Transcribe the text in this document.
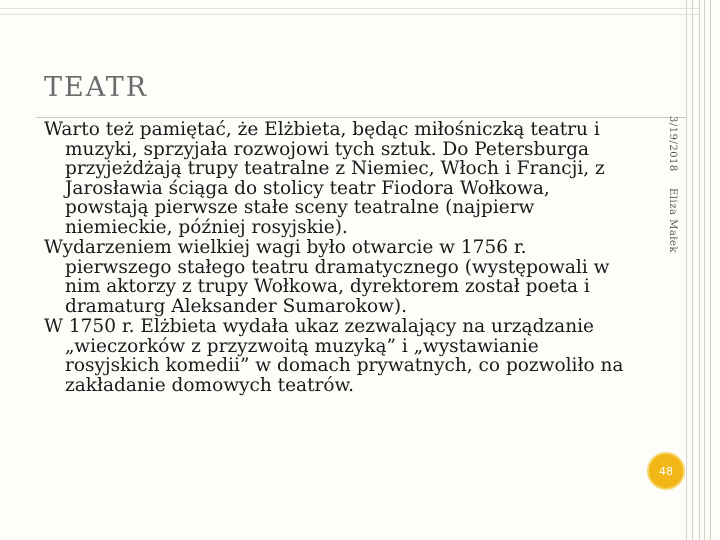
TEATR
Warto też pamiętać, że Elżbieta, będąc miłośniczką teatru i muzyki, sprzyjała rozwojowi tych sztuk. Do Petersburga przyjeżdżają trupy teatralne z Niemiec, Włoch i Francji, z Jarosławia ściąga do stolicy teatr Fiodora Wołkowa, powstają pierwsze stałe sceny teatralne (najpierw niemieckie, później rosyjskie).
Wydarzeniem wielkiej wagi było otwarcie w 1756 r. pierwszego stałego teatru dramatycznego (występowali w nim aktorzy z trupy Wołkowa, dyrektorem został poeta i dramaturg Aleksander Sumarokow).
W 1750 r. Elżbieta wydała ukaz zezwalający na urządzanie „wieczorków z przyzwoitą muzyką” i „wystawianie rosyjskich komedii” w domach prywatnych, co pozwoliło na zakładanie domowych teatrów.
3/19/2018
Eliza Małek
48
